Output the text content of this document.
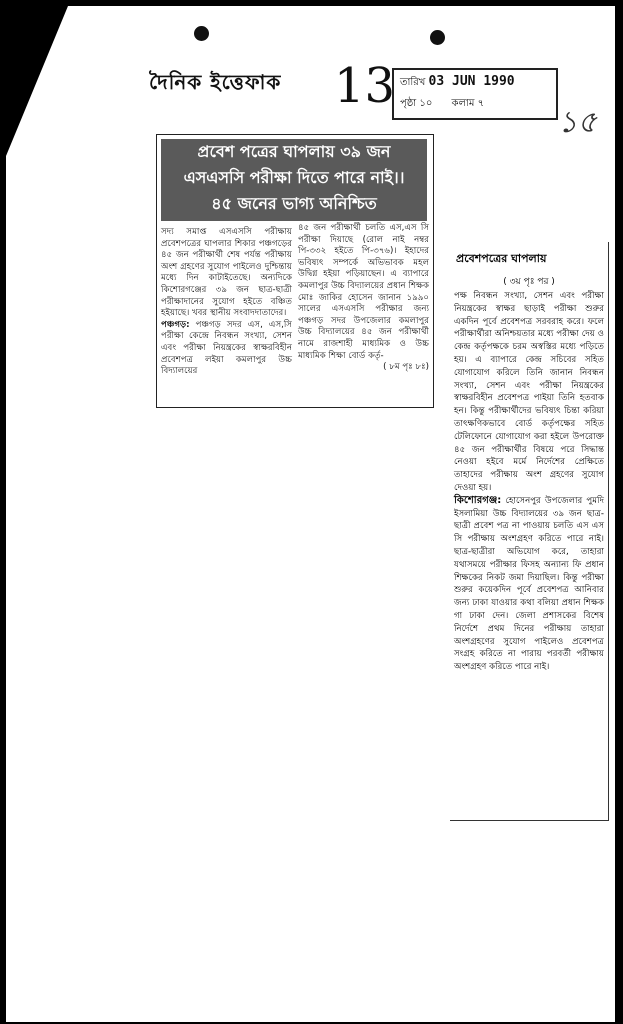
দৈনিক ইত্তেফাক 13 তারিখ 03 JUN 1990
পৃষ্ঠা ১০ কলাম ৭
১৫
প্রবেশ পত্রের ঘাপলায় ৩৯ জন
এসএসসি পরীক্ষা দিতে পারে নাই।।
৪৫ জনের ভাগ্য অনিশ্চিত
সদ্য সমাপ্ত এসএসসি পরীক্ষায় প্রবেশপত্রের ঘাপলার শিকার পঞ্চগড়ের ৪৫ জন পরীক্ষার্থী শেষ পর্যন্ত পরীক্ষায় অংশ গ্রহণের সুযোগ পাইলেও দুশ্চিন্তায় মধ্যে দিন কাটাইতেছে। অন্যদিকে কিশোরগঞ্জের ৩৯ জন ছাত্র-ছাত্রী পরীক্ষাদানের সুযোগ হইতে বঞ্চিত হইয়াছে। খবর স্থানীয় সংবাদদাতাদের।
পঞ্চগড়: পঞ্চগড় সদর এস, এস,সি পরীক্ষা কেন্দ্রে নিবন্ধন সংখ্যা, সেশন এবং পরীক্ষা নিয়ন্ত্রকের স্বাক্ষরবিহীন প্রবেশপত্র লইয়া কমলাপুর উচ্চ বিদ্যালয়ের
৪৫ জন পরীক্ষার্থী চলতি এস,এস সি পরীক্ষা দিয়াছে (রোল নাই নম্বর পি-৩৩২ হইতে পি-৩৭৬)। ইহাদের ভবিষ্যৎ সম্পর্কে অভিভাবক মহল উদ্বিগ্ন হইয়া পড়িয়াছেন। এ ব্যাপারে কমলাপুর উচ্চ বিদ্যালয়ের প্রধান শিক্ষক মোঃ জাকির হোসেন জানান ১৯৯০ সালের এসএসসি পরীক্ষার জন্য পঞ্চগড় সদর উপজেলার কমলাপুর উচ্চ বিদ্যালয়ের ৪৫ জন পরীক্ষার্থী নামে রাজশাহী মাধ্যমিক ও উচ্চ মাধ্যমিক শিক্ষা বোর্ড কর্তৃ-
( ৮ম পৃঃ ৮ঃ)
প্রবেশপত্রের ঘাপলায়
( ৩য় পৃঃ পর )
পক্ষ নিবন্ধন সংখ্যা, সেশন এবং পরীক্ষা নিয়ন্ত্রকের স্বাক্ষর ছাড়াই পরীক্ষা শুরুর একদিন পূর্বে প্রবেশপত্র সরবরাহ করে। ফলে পরীক্ষার্থীরা অনিশ্চয়তার মধ্যে পরীক্ষা দেয় ও কেন্দ্র কর্তৃপক্ষকে চরম অস্বস্তির মধ্যে পড়িতে হয়। এ ব্যাপারে কেন্দ্র সচিবের সহিত যোগাযোগ করিলে তিনি জানান নিবন্ধন সংখ্যা, সেশন এবং পরীক্ষা নিয়ন্ত্রকের স্বাক্ষরবিহীন প্রবেশপত্র পাইয়া তিনি হতবাক হন। কিন্তু পরীক্ষার্থীদের ভবিষ্যৎ চিন্তা করিয়া তাৎক্ষণিকভাবে বোর্ড কর্তৃপক্ষের সহিত টেলিফোনে যোগাযোগ করা হইলে উপরোক্ত ৪৫ জন পরীক্ষার্থীর বিষয়ে পরে সিদ্ধান্ত নেওয়া হইবে মর্মে নির্দেশের প্রেক্ষিতে তাহাদের পরীক্ষায় অংশ গ্রহণের সুযোগ দেওয়া হয়।
কিশোরগঞ্জ: হোসেনপুর উপজেলার পুমদি ইসলামিয়া উচ্চ বিদ্যালয়ের ৩৯ জন ছাত্র-ছাত্রী প্রবেশ পত্র না পাওয়ায় চলতি এস এস সি পরীক্ষায় অংশগ্রহণ করিতে পারে নাই। ছাত্র-ছাত্রীরা অভিযোগ করে, তাহারা যথাসময়ে পরীক্ষার ফিসহ অন্যান্য ফি প্রধান শিক্ষকের নিকট জমা দিয়াছিল। কিন্তু পরীক্ষা শুরুর কয়েকদিন পূর্বে প্রবেশপত্র আনিবার জন্য ঢাকা যাওয়ার কথা বলিয়া প্রধান শিক্ষক গা ঢাকা দেন। জেলা প্রশাসকের বিশেষ নির্দেশে প্রথম দিনের পরীক্ষায় তাহারা অংশগ্রহণের সুযোগ পাইলেও প্রবেশপত্র সংগ্রহ করিতে না পারায় পরবর্তী পরীক্ষায় অংশগ্রহণ করিতে পারে নাই।
